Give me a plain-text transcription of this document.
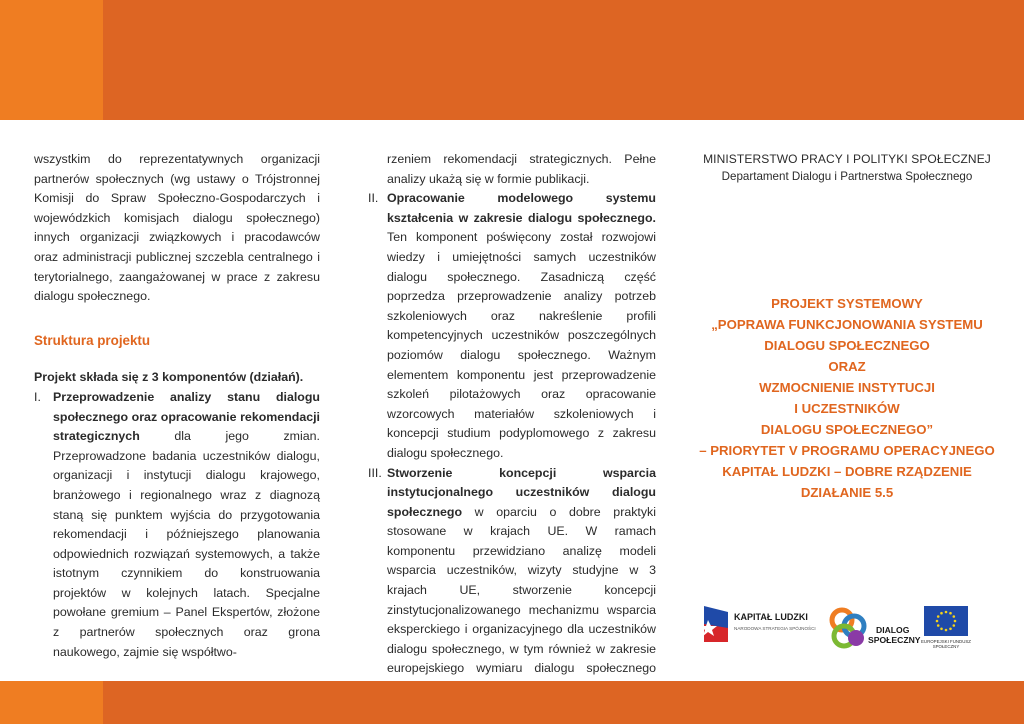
wszystkim do reprezentatywnych organizacji partnerów społecznych (wg ustawy o Trójstronnej Komisji do Spraw Społeczno-Gospodarczych i wojewódzkich komisjach dialogu społecznego) innych organizacji związkowych i pracodawców oraz administracji publicznej szczebla centralnego i terytorialnego, zaangażowanej w prace z zakresu dialogu społecznego.

Struktura projektu

Projekt składa się z 3 komponentów (działań).

I. Przeprowadzenie analizy stanu dialogu społecznego oraz opracowanie rekomendacji strategicznych dla jego zmian. Przeprowadzone badania uczestników dialogu, organizacji i instytucji dialogu krajowego, branżowego i regionalnego wraz z diagnozą staną się punktem wyjścia do przygotowania rekomendacji i późniejszego planowania odpowiednich rozwiązań systemowych, a także istotnym czynnikiem do konstruowania projektów w kolejnych latach. Specjalne powołane gremium – Panel Ekspertów, złożone z partnerów społecznych oraz grona naukowego, zajmie się współtwo-
rzeniem rekomendacji strategicznych. Pełne analizy ukażą się w formie publikacji.
II. Opracowanie modelowego systemu kształcenia w zakresie dialogu społecznego. Ten komponent poświęcony został rozwojowi wiedzy i umiejętności samych uczestników dialogu społecznego. Zasadniczą część poprzedza przeprowadzenie analizy potrzeb szkoleniowych oraz nakreślenie profili kompetencyjnych uczestników poszczególnych poziomów dialogu społecznego. Ważnym elementem komponentu jest przeprowadzenie szkoleń pilotażowych oraz opracowanie wzorcowych materiałów szkoleniowych i koncepcji studium podyplomowego z zakresu dialogu społecznego.
III. Stworzenie koncepcji wsparcia instytucjonalnego uczestników dialogu społecznego w oparciu o dobre praktyki stosowane w krajach UE. W ramach komponentu przewidziano analizę modeli wsparcia uczestników, wizyty studyjne w 3 krajach UE, stworzenie koncepcji zinstytucjonalizowanego mechanizmu wsparcia eksperckiego i organizacyjnego dla uczestników dialogu społecznego, w tym również w zakresie europejskiego wymiaru dialogu społecznego
MINISTERSTWO PRACY I POLITYKI SPOŁECZNEJ
Departament Dialogu i Partnerstwa Społecznego
PROJEKT SYSTEMOWY
„POPRAWA FUNKCJONOWANIA SYSTEMU
DIALOGU SPOŁECZNEGO
ORAZ
WZMOCNIENIE INSTYTUCJI
I UCZESTNIKÓW
DIALOGU SPOŁECZNEGO”
– PRIORYTET V PROGRAMU OPERACYJNEGO
KAPITAŁ LUDZKI – DOBRE RZĄDZENIE
DZIAŁANIE 5.5
KAPITAŁ LUDZKI
NARODOWA STRATEGIA SPÓJNOŚCI	DIALOG
SPOŁECZNY EUROPEJSKI FUNDUSZ SPOŁECZNY
